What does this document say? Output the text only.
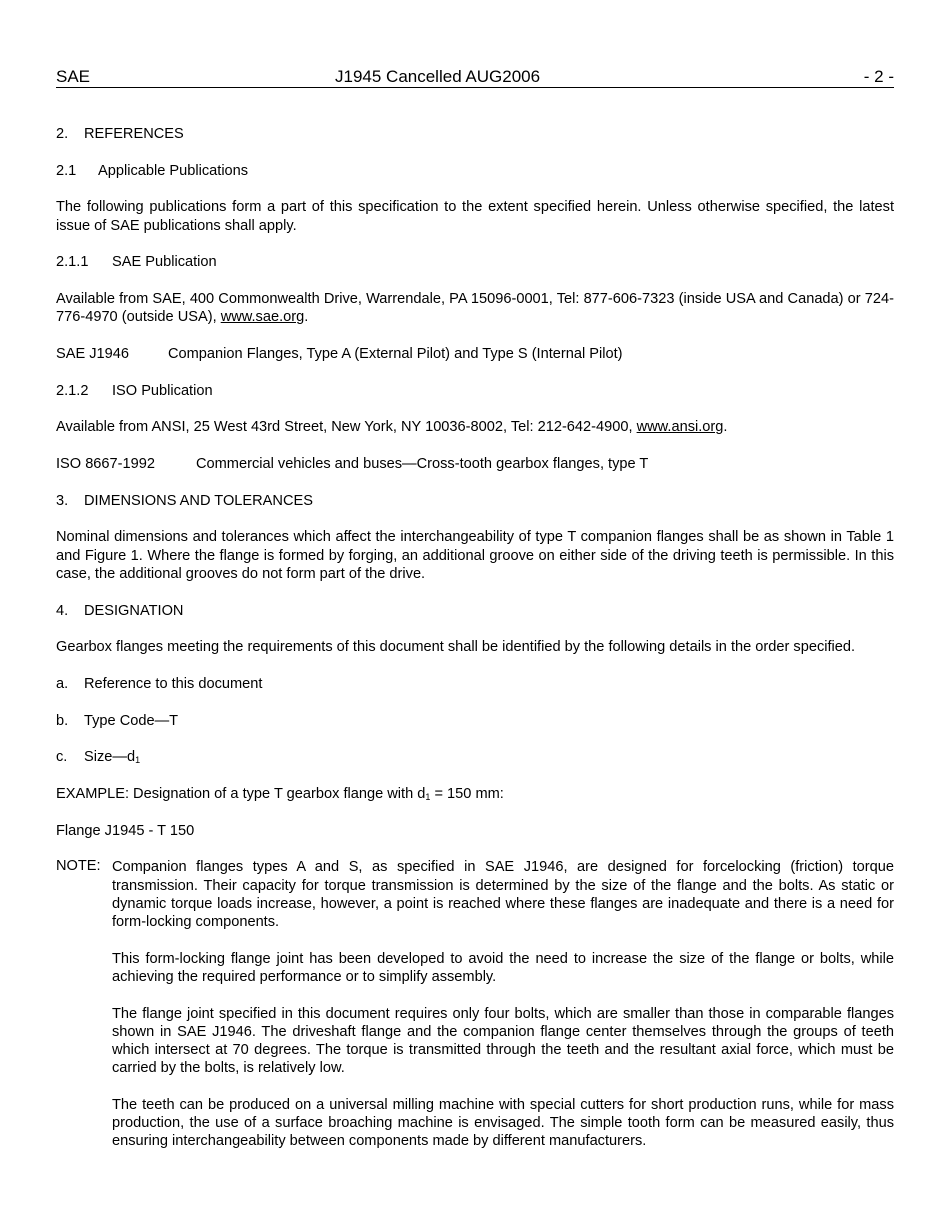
SAE	J1945 Cancelled AUG2006	- 2 -
2. REFERENCES
2.1 Applicable Publications

The following publications form a part of this specification to the extent specified herein. Unless otherwise specified, the latest issue of SAE publications shall apply.

2.1.1 SAE Publication

Available from SAE, 400 Commonwealth Drive, Warrendale, PA 15096-0001, Tel: 877-606-7323 (inside USA and Canada) or 724-776-4970 (outside USA), www.sae.org.

SAE J1946	Companion Flanges, Type A (External Pilot) and Type S (Internal Pilot)
2.1.2 ISO Publication

Available from ANSI, 25 West 43rd Street, New York, NY 10036-8002, Tel: 212-642-4900, www.ansi.org.

ISO 8667-1992	Commercial vehicles and buses—Cross-tooth gearbox flanges, type T
3. DIMENSIONS AND TOLERANCES

Nominal dimensions and tolerances which affect the interchangeability of type T companion flanges shall be as shown in Table 1 and Figure 1. Where the flange is formed by forging, an additional groove on either side of the driving teeth is permissible. In this case, the additional grooves do not form part of the drive.

4. DESIGNATION

Gearbox flanges meeting the requirements of this document shall be identified by the following details in the order specified.

a. Reference to this document
b. Type Code—T
c. $Size—d_1$
EXAMPLE: Designation of a type T gearbox flange with $d_1 = 150$ mm:
Flange J1945 - T 150
NOTE: Companion flanges types A and S, as specified in SAE J1946, are designed for forcelocking (friction) torque transmission. Their capacity for torque transmission is determined by the size of the flange and the bolts. As static or dynamic torque loads increase, however, a point is reached where these flanges are inadequate and there is a need for form-locking components.

This form-locking flange joint has been developed to avoid the need to increase the size of the flange or bolts, while achieving the required performance or to simplify assembly.

The flange joint specified in this document requires only four bolts, which are smaller than those in comparable flanges shown in SAE J1946. The driveshaft flange and the companion flange center themselves through the groups of teeth which intersect at 70 degrees. The torque is transmitted through the teeth and the resultant axial force, which must be carried by the bolts, is relatively low.

The teeth can be produced on a universal milling machine with special cutters for short production runs, while for mass production, the use of a surface broaching machine is envisaged. The simple tooth form can be measured easily, thus ensuring interchangeability between components made by different manufacturers.
